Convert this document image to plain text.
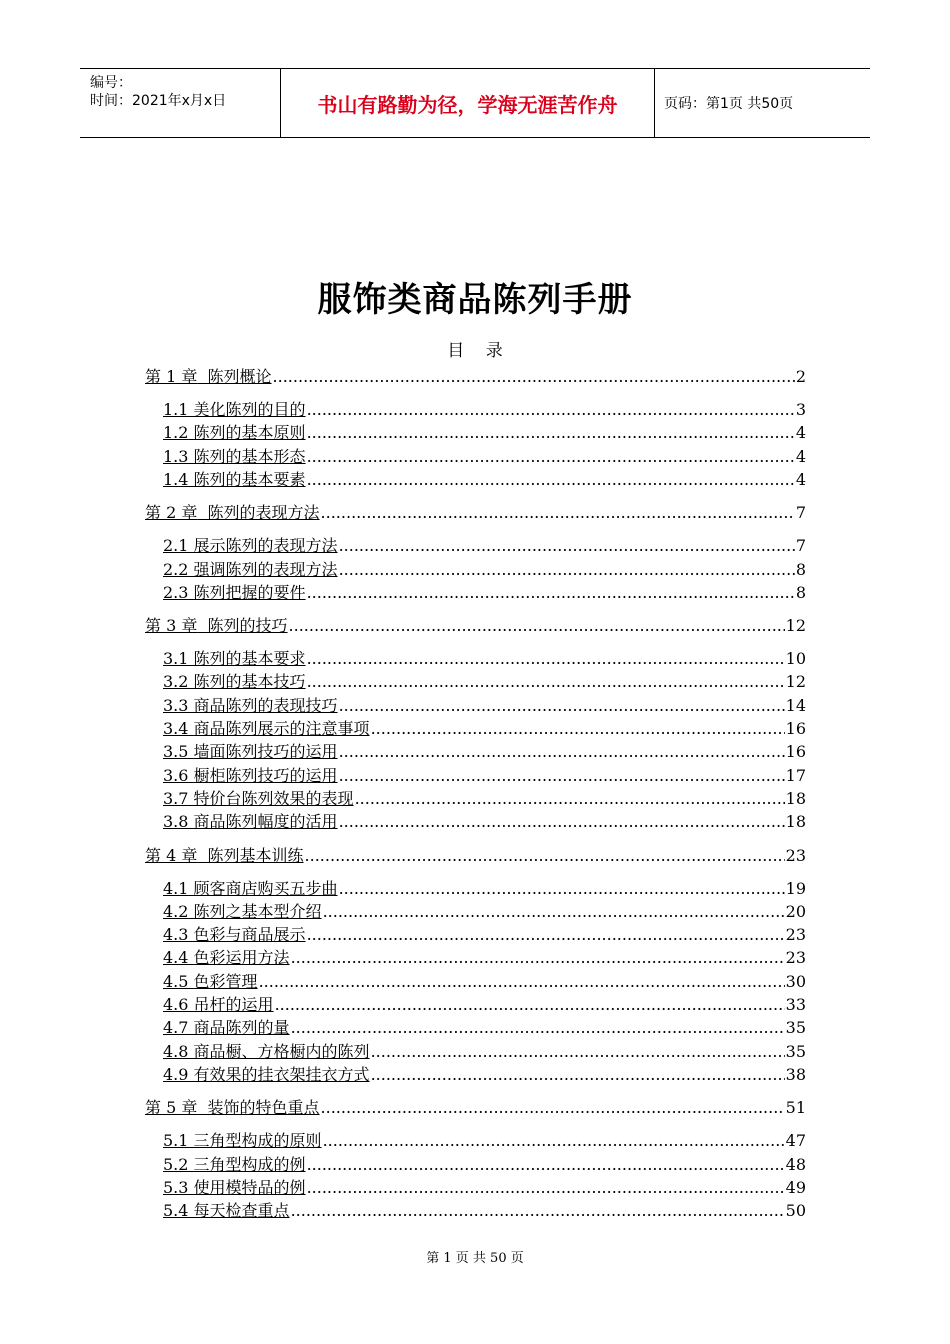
编号：
时间：2021年x月x日	书山有路勤为径，学海无涯苦作舟	页码：第1页 共50页
服饰类商品陈列手册
目    录
第 1 章 陈列概论 .....	2
1.1 美化陈列的目的 .....	3
1.2 陈列的基本原则 .....	4
1.3 陈列的基本形态 .....	4
1.4 陈列的基本要素 .....	4
第 2 章 陈列的表现方法 .....	7
2.1 展示陈列的表现方法 .....	7
2.2 强调陈列的表现方法 .....	8
2.3 陈列把握的要件 .....	8
第 3 章 陈列的技巧 .....	12
3.1 陈列的基本要求 .....	10
3.2 陈列的基本技巧 .....	12
3.3 商品陈列的表现技巧 .....	14
3.4 商品陈列展示的注意事项 .....	16
3.5 墙面陈列技巧的运用 .....	16
3.6 橱柜陈列技巧的运用 .....	17
3.7 特价台陈列效果的表现 .....	18
3.8 商品陈列幅度的活用 .....	18
第 4 章 陈列基本训练 .....	23
4.1 顾客商店购买五步曲 .....	19
4.2 陈列之基本型介绍 .....	20
4.3 色彩与商品展示 .....	23
4.4 色彩运用方法 .....	23
4.5 色彩管理 .....	30
4.6 吊杆的运用 .....	33
4.7 商品陈列的量 .....	35
4.8 商品橱、方格橱内的陈列 .....	35
4.9 有效果的挂衣架挂衣方式 .....	38
第 5 章 装饰的特色重点 .....	51
5.1 三角型构成的原则 .....	47
5.2 三角型构成的例 .....	48
5.3 使用模特品的例 .....	49
5.4 每天检查重点 .....	50
第 1 页 共 50 页
